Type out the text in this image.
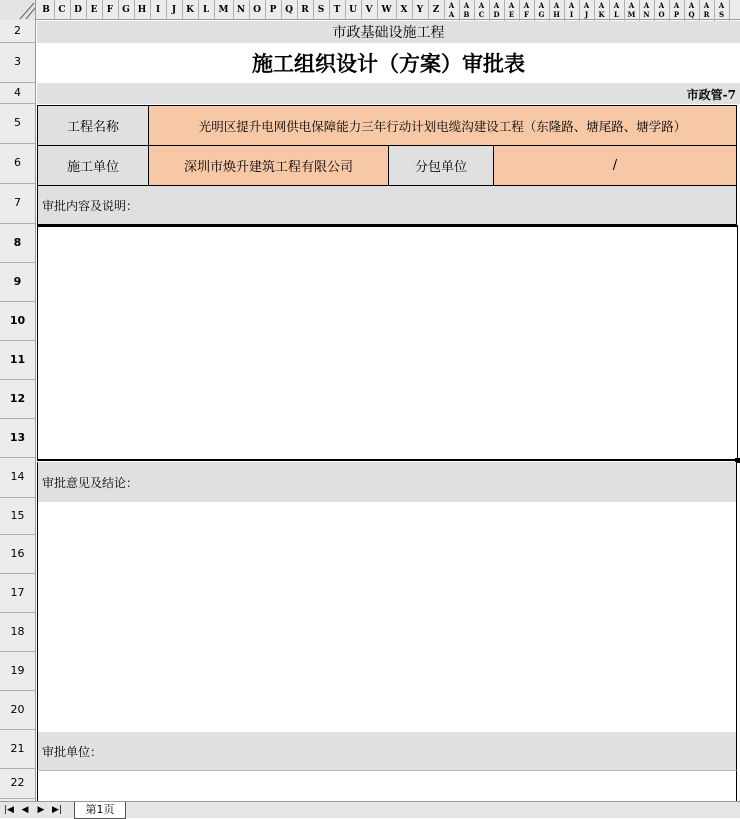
B C D E	F G H	I	J	K L	M N O P Q R	S	T U V W X	Y	Z	A
A
A
B
A
C
A
D
A
E
A
F
A
G
A
H
A
I
A
J
A
K
A
L
A
M
A
N
A
O
A
P
A
Q
A
R
A
S
2
3
4
5
6
7
8
9
10
11
12
13
14
15
16
17
18
19
20
21
22
市政基础设施工程
施工组织设计（方案）审批表
市政管-7
工程名称	光明区提升电网供电保障能力三年行动计划电缆沟建设工程（东隆路、塘尾路、塘学路）
施工单位	深圳市焕升建筑工程有限公司	分包单位	/
审批内容及说明：
审批意见及结论：
审批单位：
|◀ ◀	▶ ▶|	第1页
